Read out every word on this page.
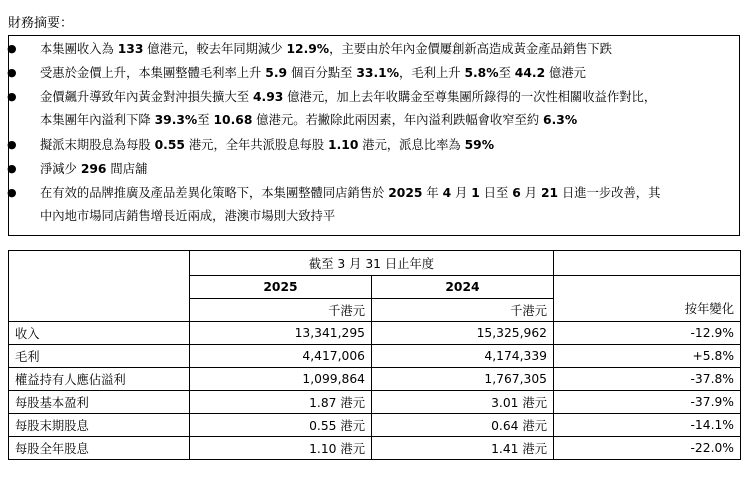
財務摘要：
	截至 3 月 31 日止年度		
	2025	2024	按年變化
	千港元	千港元	
收入	13,341,295	15,325,962	-12.9%
毛利	4,417,006	4,174,339	+5.8%
權益持有人應佔溢利	1,099,864	1,767,305	-37.8%
每股基本盈利	1.87 港元	3.01 港元	-37.9%
每股末期股息	0.55 港元	0.64 港元	-14.1%
每股全年股息	1.10 港元	1.41 港元	-22.0%
● 本集團收入為 133 億港元，較去年同期減少 12.9%，主要由於年內金價屢創新高造成黃金產品銷售下跌
● 受惠於金價上升，本集團整體毛利率上升 5.9 個百分點至 33.1%，毛利上升 5.8%至 44.2 億港元
● 金價飆升導致年內黃金對沖損失擴大至 4.93 億港元，加上去年收購金至尊集團所錄得的一次性相關收益作對比，
本集團年內溢利下降 39.3%至 10.68 億港元。若撇除此兩因素，年內溢利跌幅會收窄至約 6.3%
● 擬派末期股息為每股 0.55 港元，全年共派股息每股 1.10 港元，派息比率為 59%
● 淨減少 296 間店舖
● 在有效的品牌推廣及產品差異化策略下，本集團整體同店銷售於 2025 年 4 月 1 日至 6 月 21 日進一步改善，其
中內地市場同店銷售增長近兩成，港澳市場則大致持平
